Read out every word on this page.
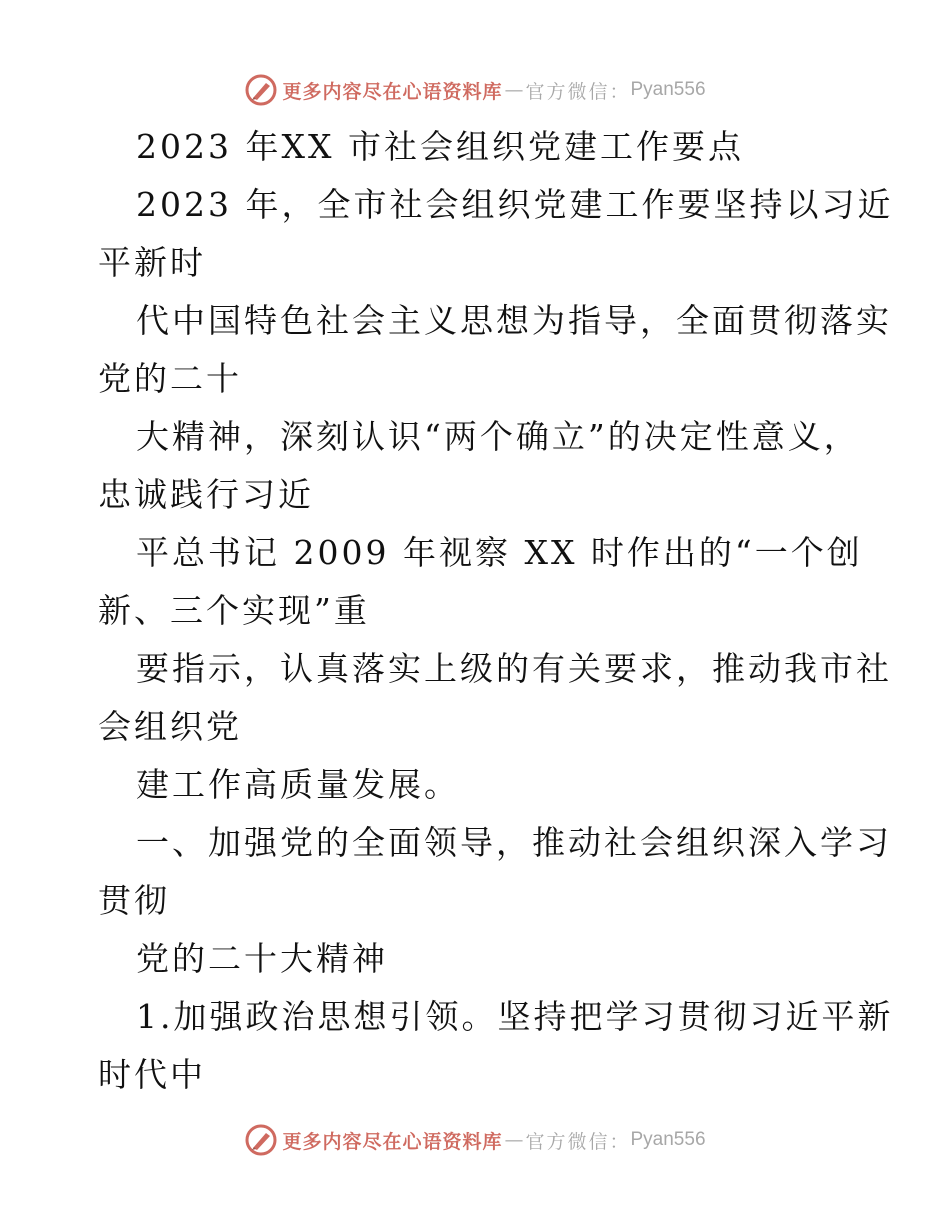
更多内容尽在心语资料库 — 官方微信： Pyan556
2023 年XX 市社会组织党建工作要点
2023 年，全市社会组织党建工作要坚持以习近
平新时
代中国特色社会主义思想为指导，全面贯彻落实
党的二十
大精神，深刻认识“两个确立”的决定性意义，
忠诚践行习近
平总书记 2009 年视察 XX 时作出的“一个创
新、三个实现”重
要指示，认真落实上级的有关要求，推动我市社
会组织党
建工作高质量发展。
一、加强党的全面领导，推动社会组织深入学习
贯彻
党的二十大精神
1.加强政治思想引领。坚持把学习贯彻习近平新
时代中
更多内容尽在心语资料库 — 官方微信： Pyan556
